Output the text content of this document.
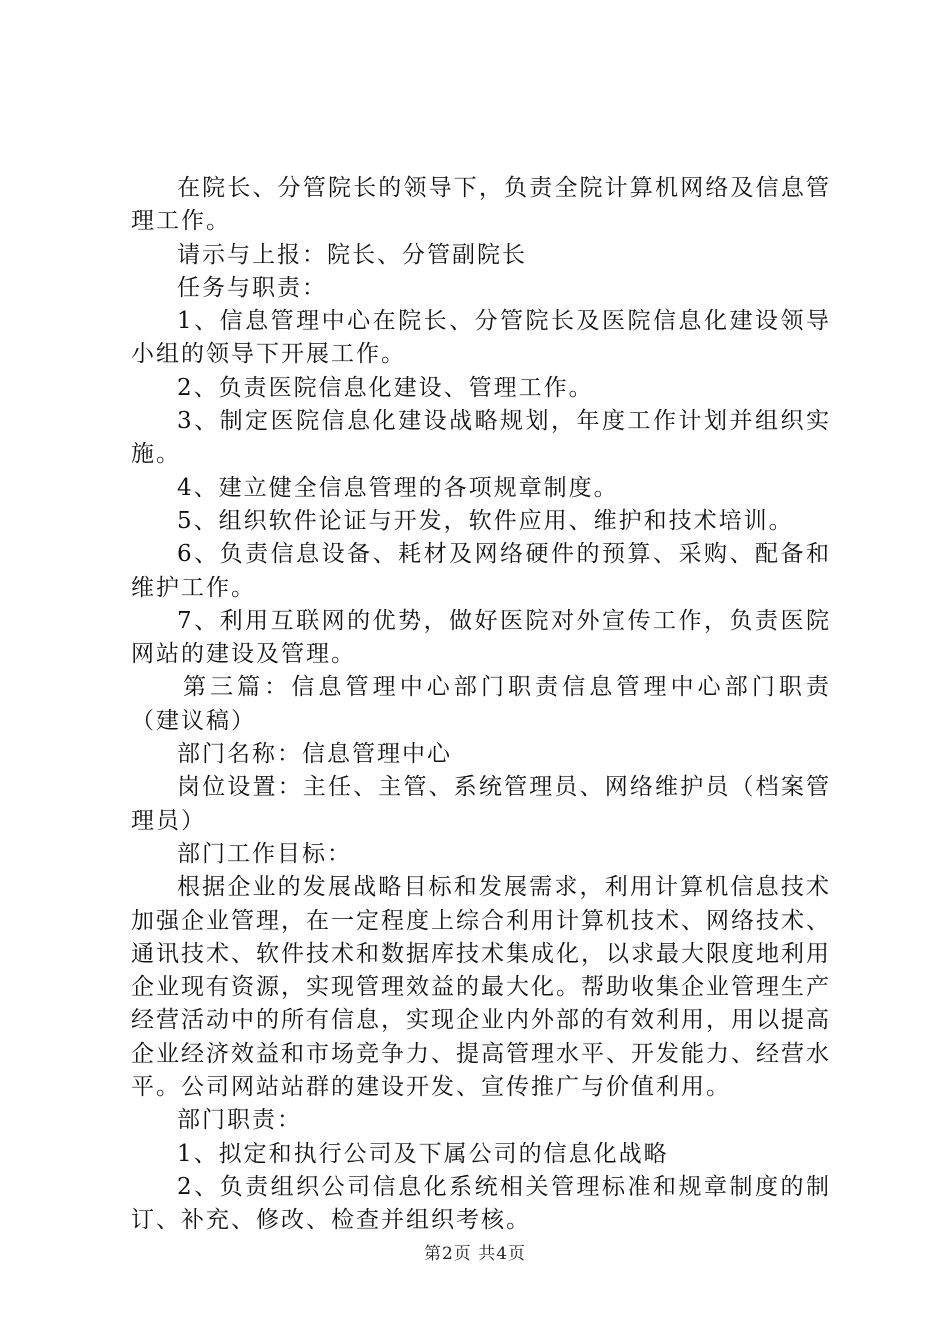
在院长、分管院长的领导下，负责全院计算机网络及信息管理工作。

请示与上报：院长、分管副院长

任务与职责：

1、信息管理中心在院长、分管院长及医院信息化建设领导小组的领导下开展工作。

2、负责医院信息化建设、管理工作。

3、制定医院信息化建设战略规划，年度工作计划并组织实施。

4、建立健全信息管理的各项规章制度。

5、组织软件论证与开发，软件应用、维护和技术培训。

6、负责信息设备、耗材及网络硬件的预算、采购、配备和维护工作。

7、利用互联网的优势，做好医院对外宣传工作，负责医院网站的建设及管理。

第三篇：信息管理中心部门职责信息管理中心部门职责（建议稿）

部门名称：信息管理中心

岗位设置：主任、主管、系统管理员、网络维护员（档案管理员）

部门工作目标：

根据企业的发展战略目标和发展需求，利用计算机信息技术加强企业管理，在一定程度上综合利用计算机技术、网络技术、通讯技术、软件技术和数据库技术集成化，以求最大限度地利用企业现有资源，实现管理效益的最大化。帮助收集企业管理生产经营活动中的所有信息，实现企业内外部的有效利用，用以提高企业经济效益和市场竞争力、提高管理水平、开发能力、经营水平。公司网站站群的建设开发、宣传推广与价值利用。

部门职责：

1、拟定和执行公司及下属公司的信息化战略

2、负责组织公司信息化系统相关管理标准和规章制度的制订、补充、修改、检查并组织考核。

第2页 共4页
